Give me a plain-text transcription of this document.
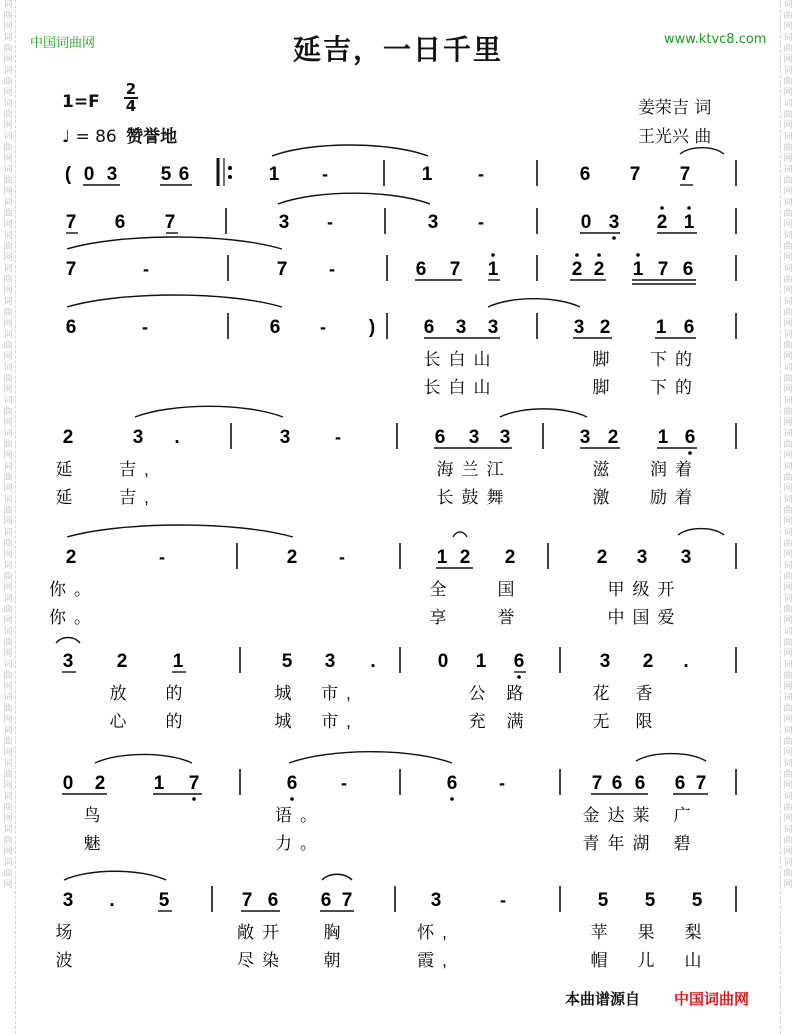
词曲网词曲网词曲网词曲网词曲网词曲网词曲网词曲网词曲网词曲网词曲网词曲网词曲网词曲网词曲网词曲网词曲网词曲网词曲网词曲网词曲网词曲网词曲网词曲网词曲网词曲网词曲网
词曲网词曲网词曲网词曲网词曲网词曲网词曲网词曲网词曲网词曲网词曲网词曲网词曲网词曲网词曲网词曲网词曲网词曲网词曲网词曲网词曲网词曲网词曲网词曲网词曲网词曲网词曲网
中国词曲网	www.ktvc8.com
延吉，一日千里
1=F
2
4
♩ = 86 赞誉地
姜荣吉 词
王光兴 曲
( 0 3 5 6	1 -	1	-	6 7 7
7 6 7	3 -	3 -	0 3 2 1
7	-	7 -	6 7 1	2 2 1 7 6
6	-	6 - )	6 3 3	3 2 1 6
长白山	脚 下的
长白山	脚 下的
2	3 .	3 -	6 3 3	3 2 1 6
延 吉,	海兰江	滋 润着
延 吉,	长鼓舞	激 励着
2	-	2 -	1 2 2	2 3 3
你。	全	国	甲级开
你。	享	誉	中国爱
3 2 1	5 3 .	0 1 6	3 2 .
放 的	城 市,	公 路	花 香
心 的	城 市,	充 满	无 限
0 2	1 7	6 -	6 -	7 6 6 6 7
鸟	语。	金达莱 广
魅	力。	青年湖 碧
3 . 5	7 6 6 7	3	-	5 5 5
场	敞开 胸	怀,	苹 果 梨
波	尽染 朝	霞,	帽 儿 山
本曲谱源自 中国词曲网
